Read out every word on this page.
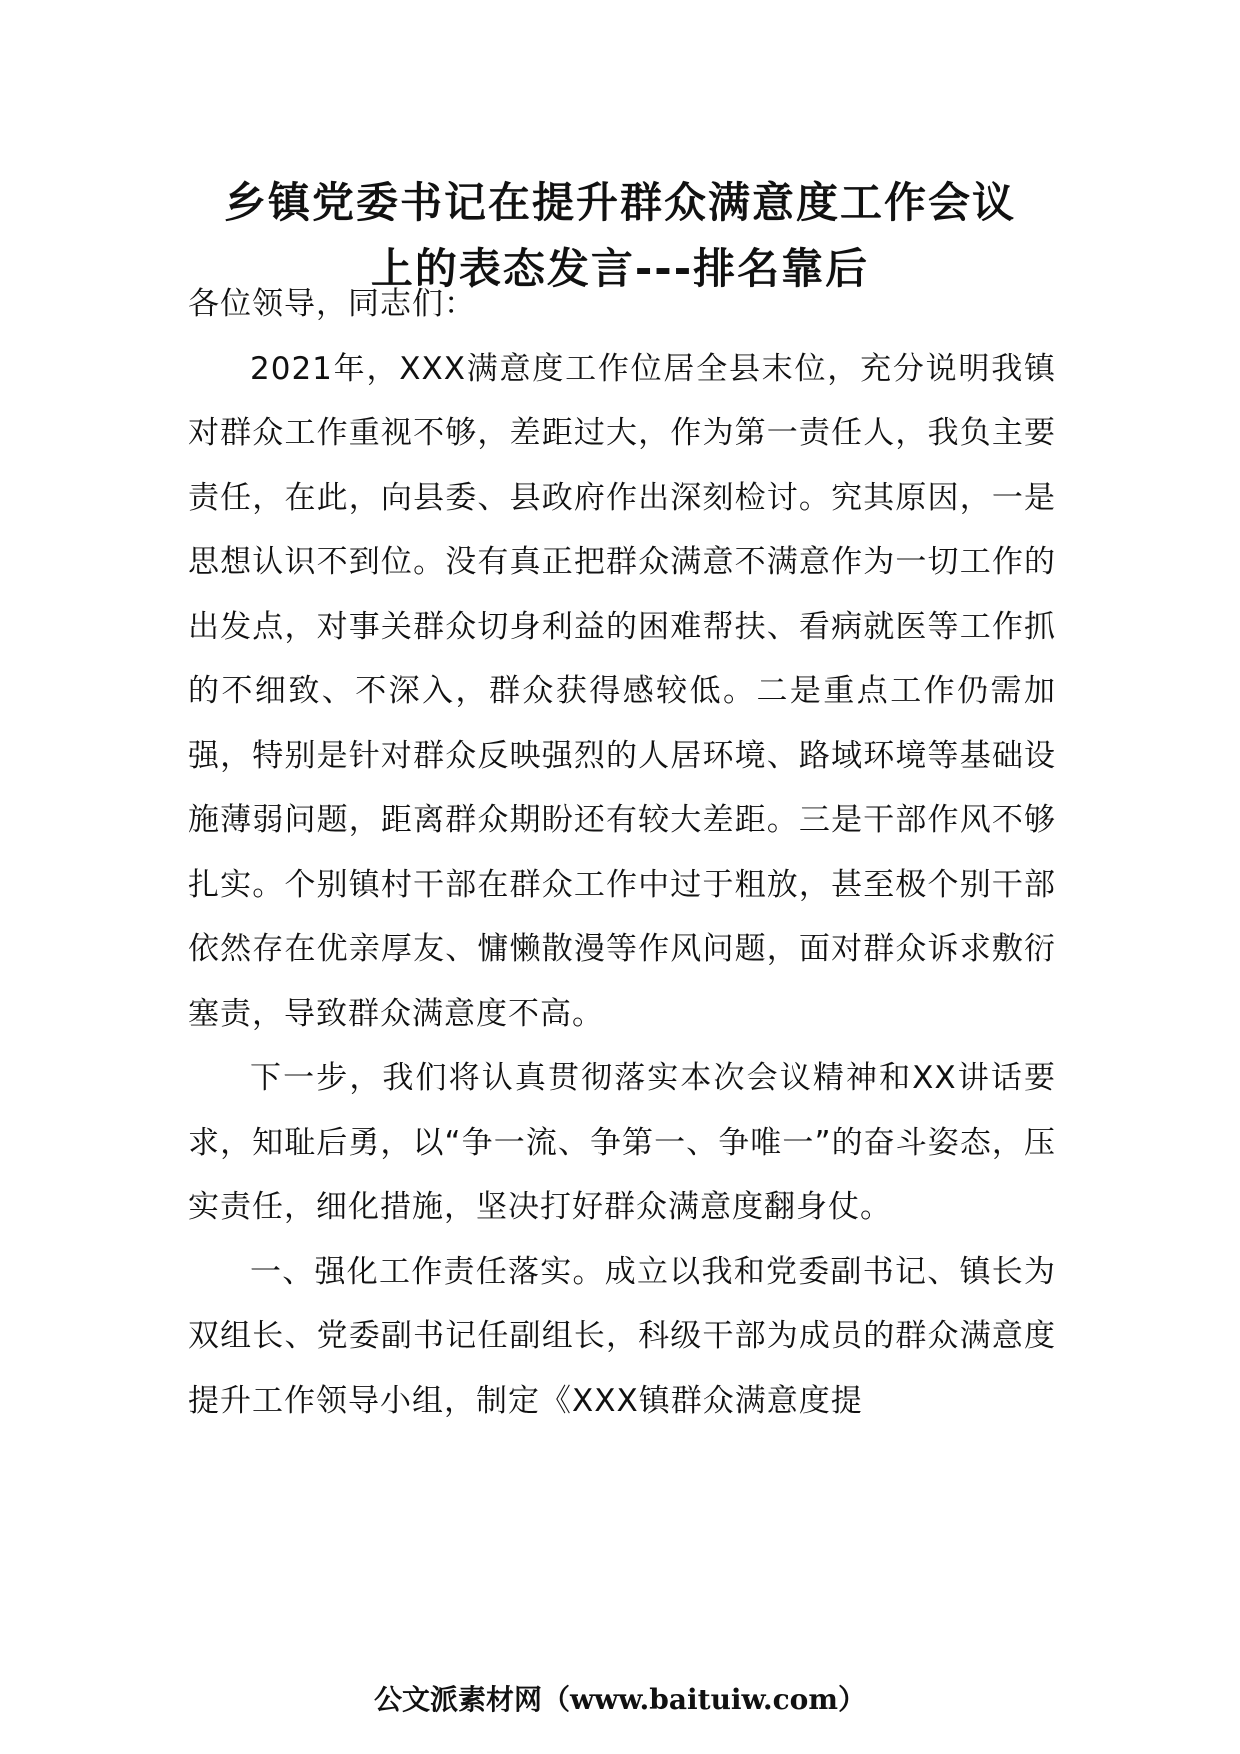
乡镇党委书记在提升群众满意度工作会议
上的表态发言---排名靠后

各位领导，同志们：

2021年，XXX满意度工作位居全县末位，充分说明我镇对群众工作重视不够，差距过大，作为第一责任人，我负主要责任，在此，向县委、县政府作出深刻检讨。究其原因，一是思想认识不到位。没有真正把群众满意不满意作为一切工作的出发点，对事关群众切身利益的困难帮扶、看病就医等工作抓的不细致、不深入，群众获得感较低。二是重点工作仍需加强，特别是针对群众反映强烈的人居环境、路域环境等基础设施薄弱问题，距离群众期盼还有较大差距。三是干部作风不够扎实。个别镇村干部在群众工作中过于粗放，甚至极个别干部依然存在优亲厚友、慵懒散漫等作风问题，面对群众诉求敷衍塞责，导致群众满意度不高。

下一步，我们将认真贯彻落实本次会议精神和XX讲话要求，知耻后勇，以“争一流、争第一、争唯一”的奋斗姿态，压实责任，细化措施，坚决打好群众满意度翻身仗。

一、强化工作责任落实。成立以我和党委副书记、镇长为双组长、党委副书记任副组长，科级干部为成员的群众满意度提升工作领导小组，制定《XXX镇群众满意度提

公文派素材网（www.baituiw.com）
